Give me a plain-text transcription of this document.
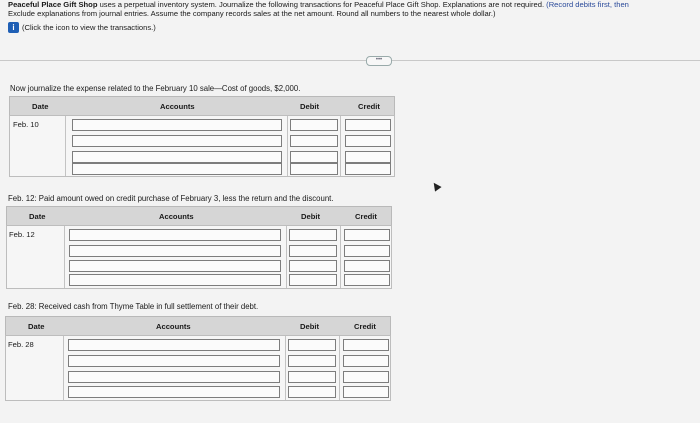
Peaceful Place Gift Shop uses a perpetual inventory system. Journalize the following transactions for Peaceful Place Gift Shop. Explanations are not required. (Record debits first, then
Exclude explanations from journal entries. Assume the company records sales at the net amount. Round all numbers to the nearest whole dollar.)
i (Click the icon to view the transactions.)
•••
Now journalize the expense related to the February 10 sale—Cost of goods, $2,000.
Date	Accounts	Debit	Credit
Feb. 10
Feb. 12: Paid amount owed on credit purchase of February 3, less the return and the discount.
Date	Accounts	Debit	Credit
Feb. 12
Feb. 28: Received cash from Thyme Table in full settlement of their debt.
Date	Accounts	Debit	Credit
Feb. 28
